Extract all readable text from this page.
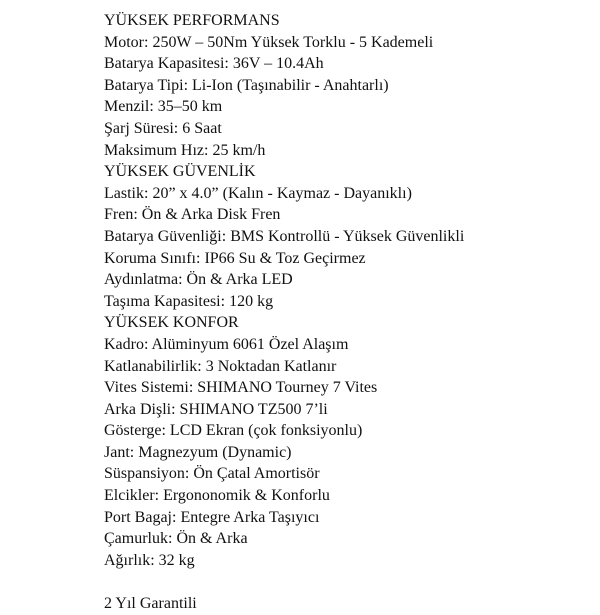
YÜKSEK PERFORMANS
Motor: 250W – 50Nm Yüksek Torklu - 5 Kademeli
Batarya Kapasitesi: 36V – 10.4Ah
Batarya Tipi: Li-Ion (Taşınabilir - Anahtarlı)
Menzil: 35–50 km
Şarj Süresi: 6 Saat
Maksimum Hız: 25 km/h
YÜKSEK GÜVENLİK
Lastik: 20” x 4.0” (Kalın - Kaymaz - Dayanıklı)
Fren: Ön & Arka Disk Fren
Batarya Güvenliği: BMS Kontrollü - Yüksek Güvenlikli
Koruma Sınıfı: IP66 Su & Toz Geçirmez
Aydınlatma: Ön & Arka LED
Taşıma Kapasitesi: 120 kg
YÜKSEK KONFOR
Kadro: Alüminyum 6061 Özel Alaşım
Katlanabilirlik: 3 Noktadan Katlanır
Vites Sistemi: SHIMANO Tourney 7 Vites
Arka Dişli: SHIMANO TZ500 7’li
Gösterge: LCD Ekran (çok fonksiyonlu)
Jant: Magnezyum (Dynamic)
Süspansiyon: Ön Çatal Amortisör
Elcikler: Ergononomik & Konforlu
Port Bagaj: Entegre Arka Taşıyıcı
Çamurluk: Ön & Arka
Ağırlık: 32 kg
2 Yıl Garantili
